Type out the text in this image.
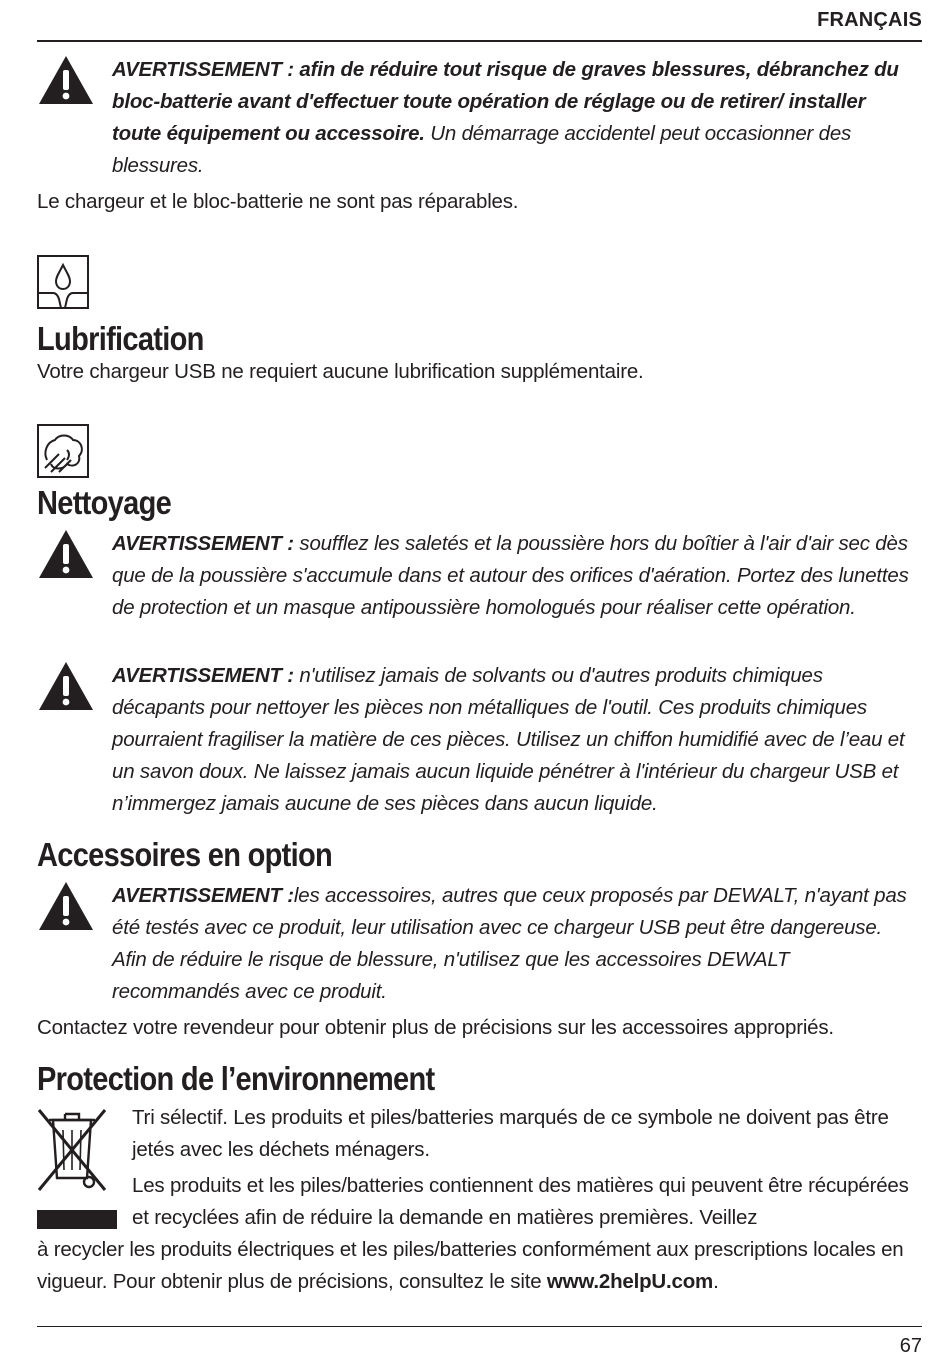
FRANÇAIS
AVERTISSEMENT : afin de réduire tout risque de graves blessures, débranchez du bloc-batterie avant d'effectuer toute opération de réglage ou de retirer/ installer toute équipement ou accessoire. Un démarrage accidentel peut occasionner des blessures.
Le chargeur et le bloc-batterie ne sont pas réparables.
Lubrification
Votre chargeur USB ne requiert aucune lubrification supplémentaire.
Nettoyage
AVERTISSEMENT : soufflez les saletés et la poussière hors du boîtier à l'air d'air sec dès que de la poussière s'accumule dans et autour des orifices d'aération. Portez des lunettes de protection et un masque antipoussière homologués pour réaliser cette opération.
AVERTISSEMENT : n'utilisez jamais de solvants ou d'autres produits chimiques décapants pour nettoyer les pièces non métalliques de l'outil. Ces produits chimiques pourraient fragiliser la matière de ces pièces. Utilisez un chiffon humidifié avec de l’eau et un savon doux. Ne laissez jamais aucun liquide pénétrer à l'intérieur du chargeur USB et n’immergez jamais aucune de ses pièces dans aucun liquide.
Accessoires en option
AVERTISSEMENT :les accessoires, autres que ceux proposés par DEWALT, n'ayant pas été testés avec ce produit, leur utilisation avec ce chargeur USB peut être dangereuse. Afin de réduire le risque de blessure, n'utilisez que les accessoires DEWALT recommandés avec ce produit.
Contactez votre revendeur pour obtenir plus de précisions sur les accessoires appropriés.
Protection de l’environnement
Tri sélectif. Les produits et piles/batteries marqués de ce symbole ne doivent pas être jetés avec les déchets ménagers.
Les produits et les piles/batteries contiennent des matières qui peuvent être récupérées et recyclées afin de réduire la demande en matières premières. Veillez
à recycler les produits électriques et les piles/batteries conformément aux prescriptions locales en vigueur. Pour obtenir plus de précisions, consultez le site www.2helpU.com.
67
